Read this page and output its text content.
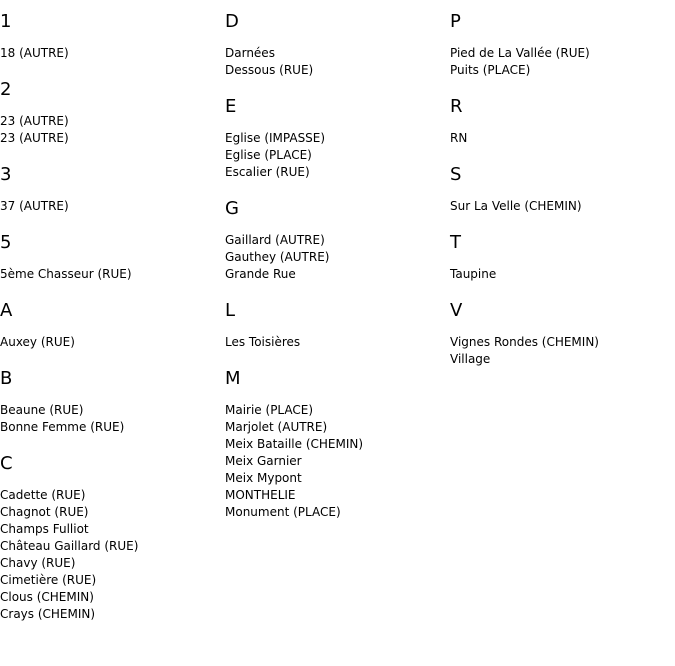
1
18 (AUTRE)
2
23 (AUTRE)
23 (AUTRE)
3
37 (AUTRE)
5
5ème Chasseur (RUE)
A
Auxey (RUE)
B
Beaune (RUE)
Bonne Femme (RUE)
C
Cadette (RUE)
Chagnot (RUE)
Champs Fulliot
Château Gaillard (RUE)
Chavy (RUE)
Cimetière (RUE)
Clous (CHEMIN)
Crays (CHEMIN)
D
Darnées
Dessous (RUE)
E
Eglise (IMPASSE)
Eglise (PLACE)
Escalier (RUE)
G
Gaillard (AUTRE)
Gauthey (AUTRE)
Grande Rue
L
Les Toisières
M
Mairie (PLACE)
Marjolet (AUTRE)
Meix Bataille (CHEMIN)
Meix Garnier
Meix Mypont
MONTHELIE
Monument (PLACE)
P
Pied de La Vallée (RUE)
Puits (PLACE)
R
RN
S
Sur La Velle (CHEMIN)
T
Taupine
V
Vignes Rondes (CHEMIN)
Village
